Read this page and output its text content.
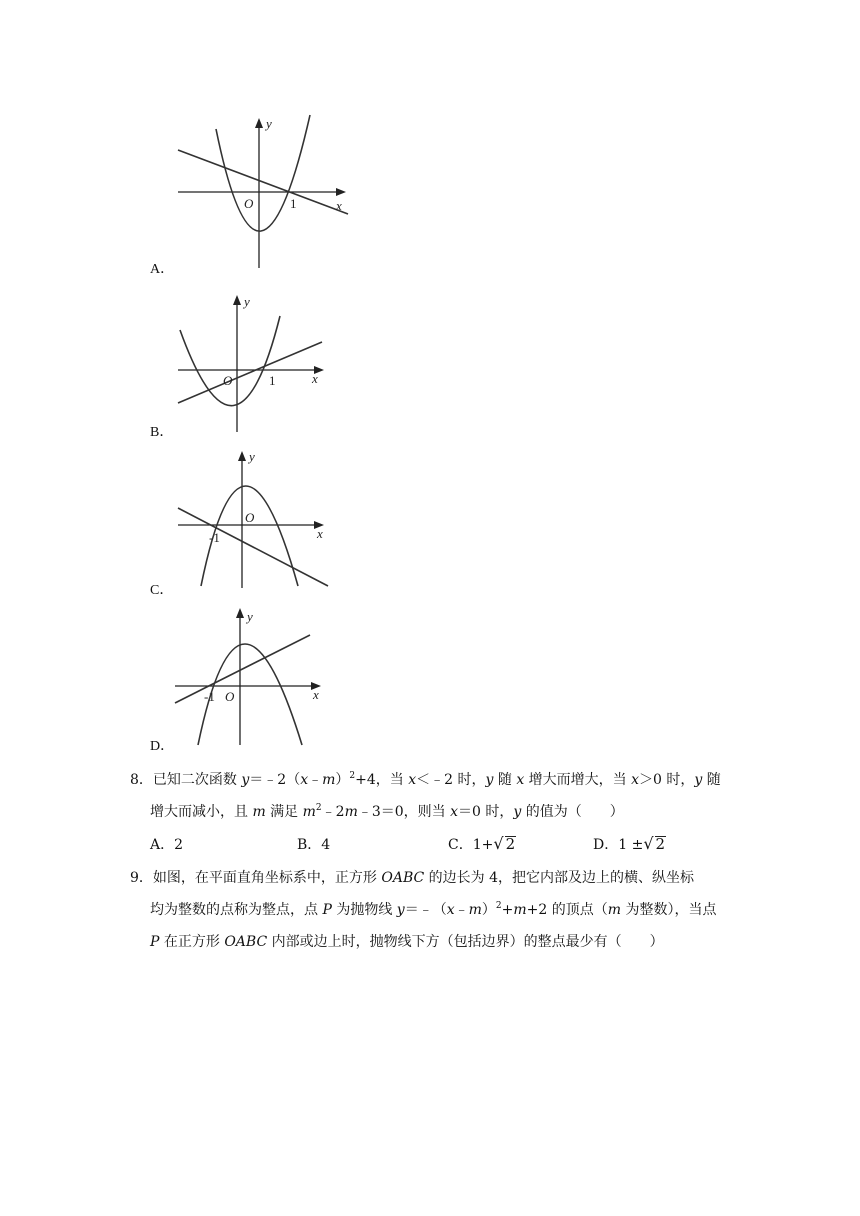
y
x
O	1
A．
y
x
O	1
B．
y
x
O
-1
C．
y
x
O
-1
D．
8．已知二次函数 y＝﹣2（x﹣m）$^2$+4，当 x＜﹣2 时，y 随 x 增大而增大，当 x＞0 时，y 随
增大而减小，且 m 满足 $m^2﹣2m﹣3=0$，则当 x＝0 时，y 的值为（　　）
A．2	B．4	C．1+√ 2	D．1 ±√ 2
9．如图，在平面直角坐标系中，正方形 OABC 的边长为 4，把它内部及边上的横、纵坐标
均为整数的点称为整点，点 P 为抛物线 y＝﹣（x﹣m）$^2$+m+2 的顶点（m 为整数），当点
P 在正方形 OABC 内部或边上时，抛物线下方（包括边界）的整点最少有（　　）
